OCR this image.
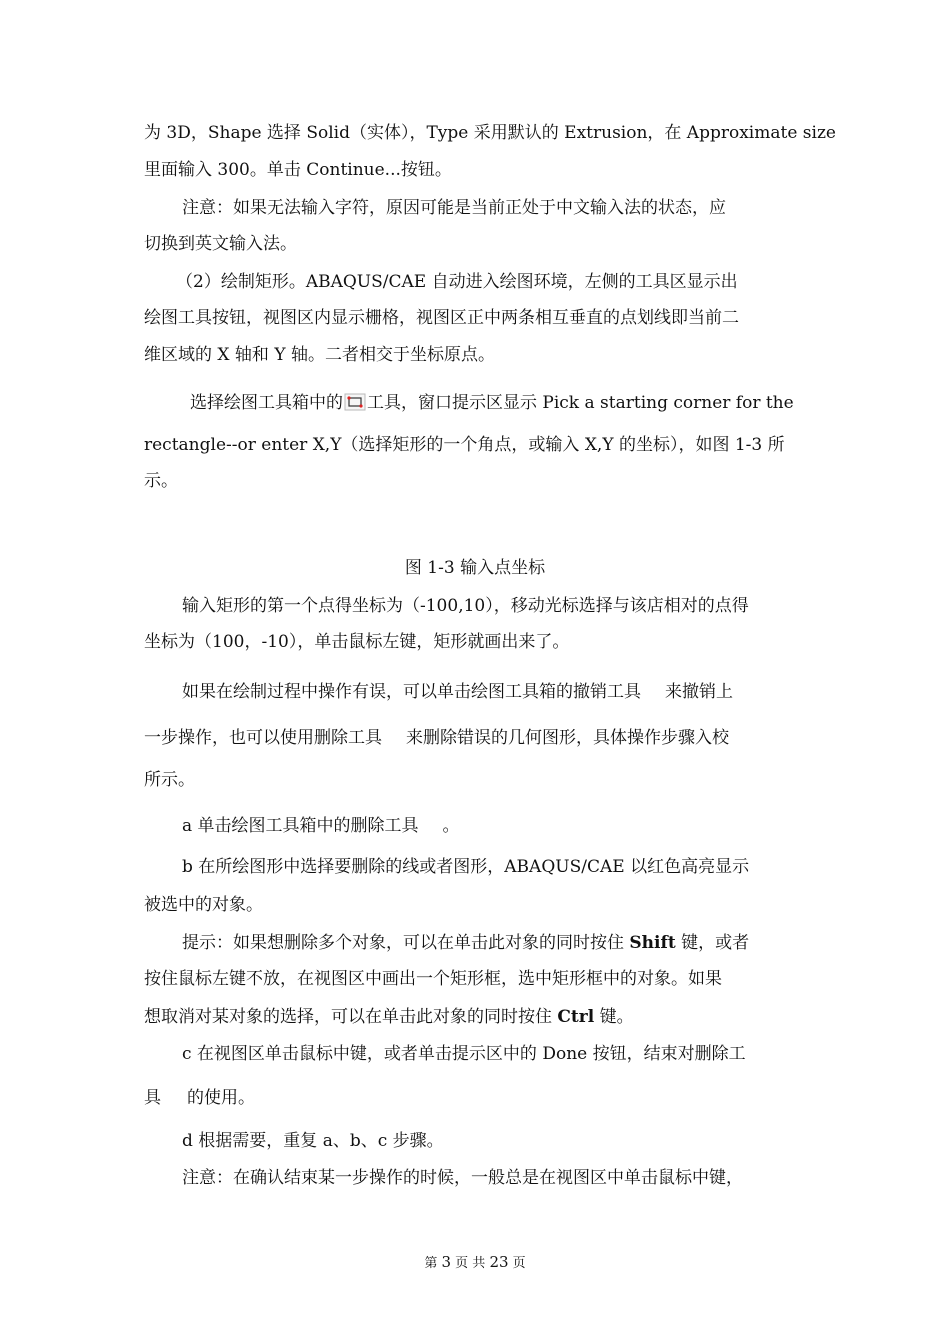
为 3D，Shape 选择 Solid（实体），Type 采用默认的 Extrusion，在 Approximate size

里面输入 300。单击 Continue...按钮。

注意：如果无法输入字符，原因可能是当前正处于中文输入法的状态，应

切换到英文输入法。

（2）绘制矩形。ABAQUS/CAE 自动进入绘图环境，左侧的工具区显示出

绘图工具按钮，视图区内显示栅格，视图区正中两条相互垂直的点划线即当前二

维区域的 X 轴和 Y 轴。二者相交于坐标原点。

选择绘图工具箱中的 工具，窗口提示区显示 Pick a starting corner for the

rectangle--or enter X,Y（选择矩形的一个角点，或输入 X,Y 的坐标），如图 1-3 所

示。

图 1-3 输入点坐标

输入矩形的第一个点得坐标为（-100,10），移动光标选择与该店相对的点得

坐标为（100，-10），单击鼠标左键，矩形就画出来了。

如果在绘制过程中操作有误，可以单击绘图工具箱的撤销工具 来撤销上

一步操作，也可以使用删除工具 来删除错误的几何图形，具体操作步骤入校

所示。

a 单击绘图工具箱中的删除工具 。

b 在所绘图形中选择要删除的线或者图形，ABAQUS/CAE 以红色高亮显示

被选中的对象。

提示：如果想删除多个对象，可以在单击此对象的同时按住 Shift 键，或者

按住鼠标左键不放，在视图区中画出一个矩形框，选中矩形框中的对象。如果

想取消对某对象的选择，可以在单击此对象的同时按住 Ctrl 键。

c 在视图区单击鼠标中键，或者单击提示区中的 Done 按钮，结束对删除工

具 的使用。

d 根据需要，重复 a、b、c 步骤。

注意：在确认结束某一步操作的时候，一般总是在视图区中单击鼠标中键，

第 3 页 共 23 页
